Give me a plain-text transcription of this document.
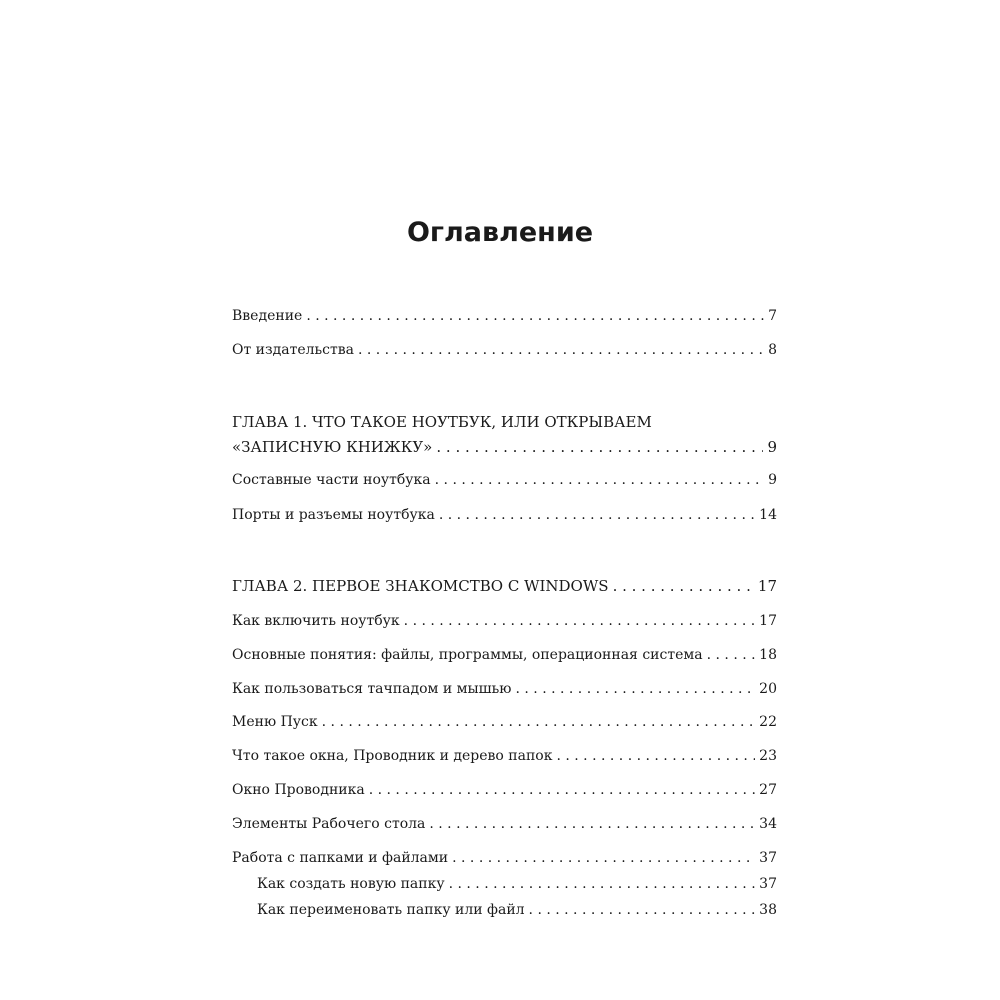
Оглавление
Введение . . .	7
От издательства . . .	8
ГЛАВА 1. ЧТО ТАКОЕ НОУТБУК, ИЛИ ОТКРЫВАЕМ
«ЗАПИСНУЮ КНИЖКУ» . . .	9
Составные части ноутбука . . .	9
Порты и разъемы ноутбука . . .	14
ГЛАВА 2. ПЕРВОЕ ЗНАКОМСТВО С WINDOWS . . .	17
Как включить ноутбук . . .	17
Основные понятия: файлы, программы, операционная система . . .	18
Как пользоваться тачпадом и мышью . . .	20
Меню Пуск . . .	22
Что такое окна, Проводник и дерево папок . . .	23
Окно Проводника . . .	27
Элементы Рабочего стола . . .	34
Работа с папками и файлами . . .	37
Как создать новую папку . . .	37
Как переименовать папку или файл . . .	38
